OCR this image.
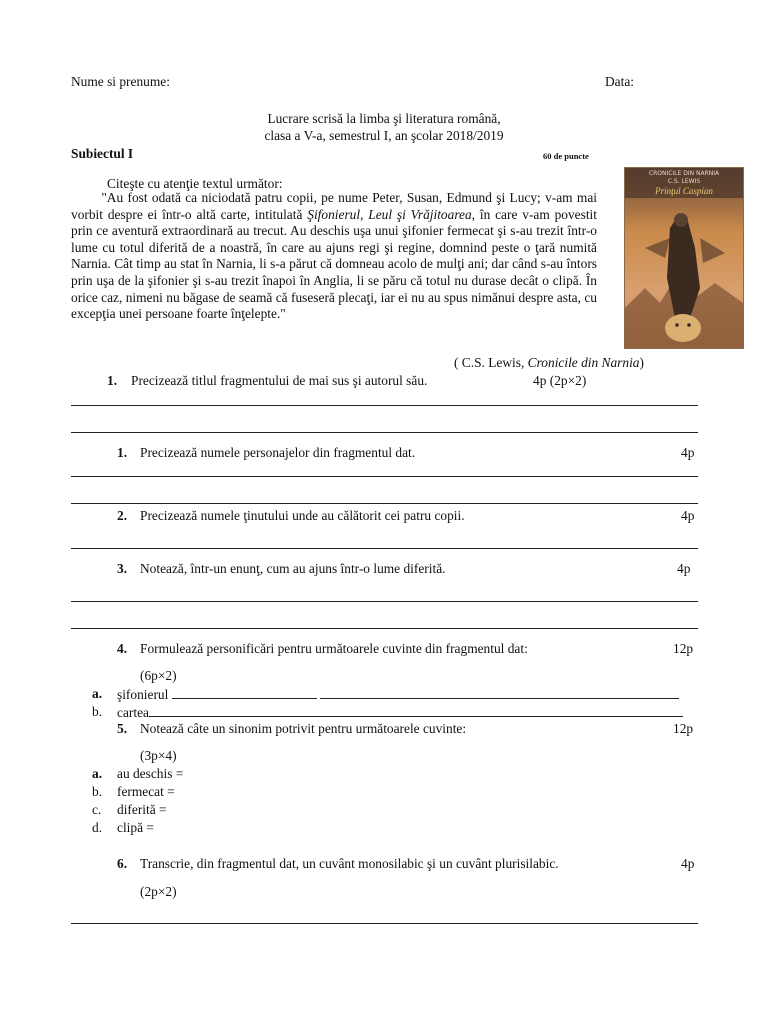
Nume si prenume:	Data:
Lucrare scrisă la limba şi literatura română,
clasa a V-a, semestrul I, an şcolar 2018/2019
Subiectul I	60 de puncte
Citeşte cu atenţie textul următor:
"Au fost odată ca niciodată patru copii, pe nume Peter, Susan, Edmund şi Lucy; v-am mai vorbit despre ei într-o altă carte, intitulată Şifonierul, Leul şi Vrăjitoarea, în care v-am povestit prin ce aventură extraordinară au trecut. Au deschis uşa unui şifonier fermecat şi s-au trezit într-o lume cu totul diferită de a noastră, în care au ajuns regi şi regine, domnind peste o ţară numită Narnia. Cât timp au stat în Narnia, li s-a părut că domneau acolo de mulţi ani; dar când s-au întors prin uşa de la şifonier şi s-au trezit înapoi în Anglia, li se păru că totul nu durase decât o clipă. În orice caz, nimeni nu băgase de seamă că fuseseră plecaţi, iar ei nu au spus nimănui despre asta, cu excepţia unei persoane foarte înţelepte."
( C.S. Lewis, Cronicile din Narnia)
CRONICILE DIN NARNIA
C.S. LEWIS
Prinţul Caspian
1. Precizează titlul fragmentului de mai sus şi autorul său.	4p (2p×2)
1. Precizează numele personajelor din fragmentul dat.	4p
2. Precizează numele ţinutului unde au călătorit cei patru copii.	4p
3. Notează, într-un enunţ, cum au ajuns într-o lume diferită.	4p
4. Formulează personificări pentru următoarele cuvinte din fragmentul dat:	12p
(6p×2)
a. şifonierul
b. cartea
5. Notează câte un sinonim potrivit pentru următoarele cuvinte:	12p
(3p×4)
a. au deschis =
b. fermecat =
c. diferită =
d. clipă =
6. Transcrie, din fragmentul dat, un cuvânt monosilabic şi un cuvânt plurisilabic.	4p
(2p×2)
